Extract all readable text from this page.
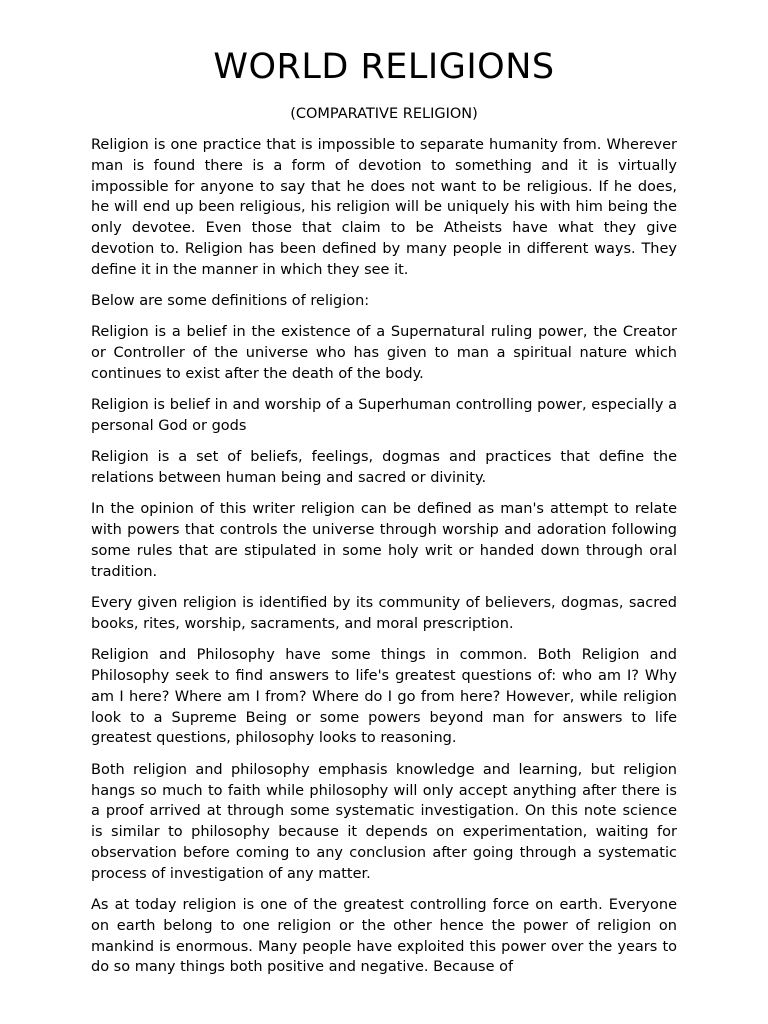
WORLD RELIGIONS
(COMPARATIVE RELIGION)

Religion is one practice that is impossible to separate humanity from. Wherever man is found there is a form of devotion to something and it is virtually impossible for anyone to say that he does not want to be religious. If he does, he will end up been religious, his religion will be uniquely his with him being the only devotee. Even those that claim to be Atheists have what they give devotion to. Religion has been defined by many people in different ways. They define it in the manner in which they see it.

Below are some definitions of religion:

Religion is a belief in the existence of a Supernatural ruling power, the Creator or Controller of the universe who has given to man a spiritual nature which continues to exist after the death of the body.

Religion is belief in and worship of a Superhuman controlling power, especially a personal God or gods

Religion is a set of beliefs, feelings, dogmas and practices that define the relations between human being and sacred or divinity.

In the opinion of this writer religion can be defined as man's attempt to relate with powers that controls the universe through worship and adoration following some rules that are stipulated in some holy writ or handed down through oral tradition.

Every given religion is identified by its community of believers, dogmas, sacred books, rites, worship, sacraments, and moral prescription.

Religion and Philosophy have some things in common. Both Religion and Philosophy seek to find answers to life's greatest questions of: who am I? Why am I here? Where am I from? Where do I go from here? However, while religion look to a Supreme Being or some powers beyond man for answers to life greatest questions, philosophy looks to reasoning.

Both religion and philosophy emphasis knowledge and learning, but religion hangs so much to faith while philosophy will only accept anything after there is a proof arrived at through some systematic investigation. On this note science is similar to philosophy because it depends on experimentation, waiting for observation before coming to any conclusion after going through a systematic process of investigation of any matter.

As at today religion is one of the greatest controlling force on earth. Everyone on earth belong to one religion or the other hence the power of religion on mankind is enormous. Many people have exploited this power over the years to do so many things both positive and negative. Because of
